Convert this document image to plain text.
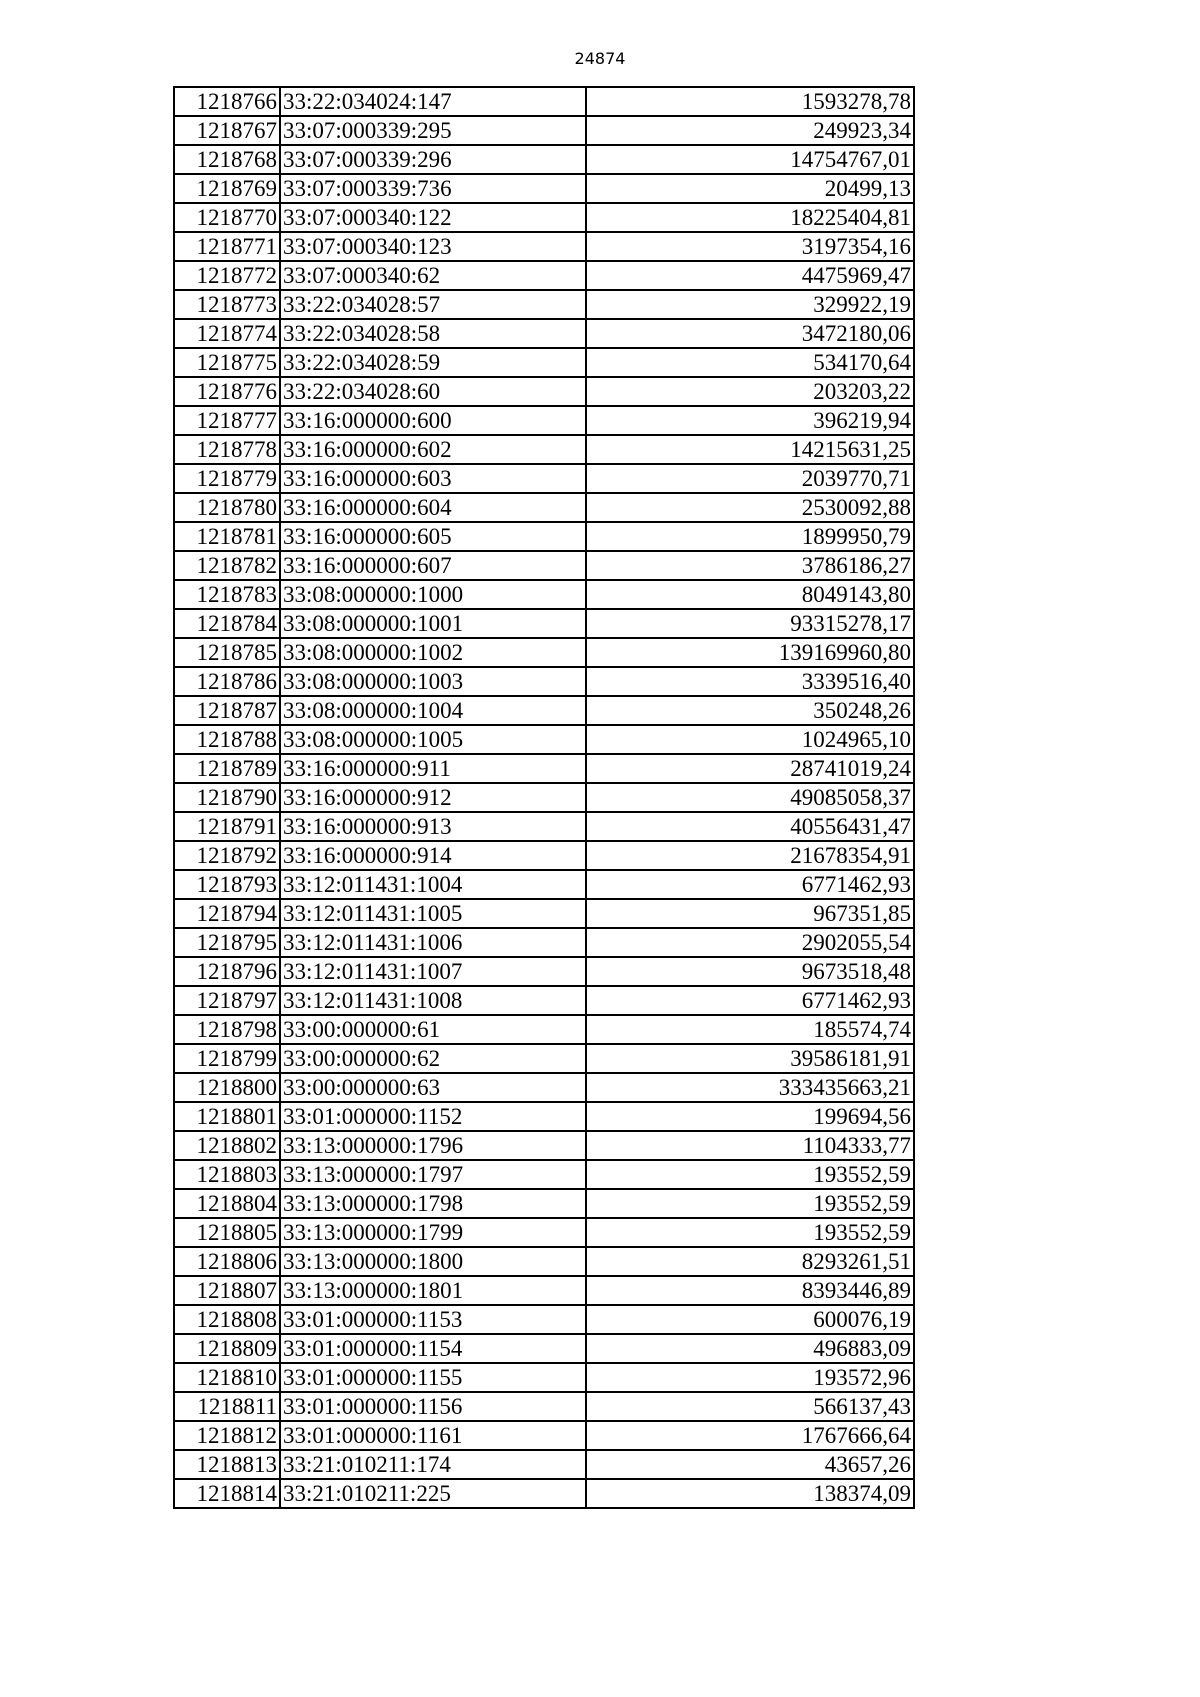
24874
1218766	33:22:034024:147	1593278,78
1218767	33:07:000339:295	249923,34
1218768	33:07:000339:296	14754767,01
1218769	33:07:000339:736	20499,13
1218770	33:07:000340:122	18225404,81
1218771	33:07:000340:123	3197354,16
1218772	33:07:000340:62	4475969,47
1218773	33:22:034028:57	329922,19
1218774	33:22:034028:58	3472180,06
1218775	33:22:034028:59	534170,64
1218776	33:22:034028:60	203203,22
1218777	33:16:000000:600	396219,94
1218778	33:16:000000:602	14215631,25
1218779	33:16:000000:603	2039770,71
1218780	33:16:000000:604	2530092,88
1218781	33:16:000000:605	1899950,79
1218782	33:16:000000:607	3786186,27
1218783	33:08:000000:1000	8049143,80
1218784	33:08:000000:1001	93315278,17
1218785	33:08:000000:1002	139169960,80
1218786	33:08:000000:1003	3339516,40
1218787	33:08:000000:1004	350248,26
1218788	33:08:000000:1005	1024965,10
1218789	33:16:000000:911	28741019,24
1218790	33:16:000000:912	49085058,37
1218791	33:16:000000:913	40556431,47
1218792	33:16:000000:914	21678354,91
1218793	33:12:011431:1004	6771462,93
1218794	33:12:011431:1005	967351,85
1218795	33:12:011431:1006	2902055,54
1218796	33:12:011431:1007	9673518,48
1218797	33:12:011431:1008	6771462,93
1218798	33:00:000000:61	185574,74
1218799	33:00:000000:62	39586181,91
1218800	33:00:000000:63	333435663,21
1218801	33:01:000000:1152	199694,56
1218802	33:13:000000:1796	1104333,77
1218803	33:13:000000:1797	193552,59
1218804	33:13:000000:1798	193552,59
1218805	33:13:000000:1799	193552,59
1218806	33:13:000000:1800	8293261,51
1218807	33:13:000000:1801	8393446,89
1218808	33:01:000000:1153	600076,19
1218809	33:01:000000:1154	496883,09
1218810	33:01:000000:1155	193572,96
1218811	33:01:000000:1156	566137,43
1218812	33:01:000000:1161	1767666,64
1218813	33:21:010211:174	43657,26
1218814	33:21:010211:225	138374,09
